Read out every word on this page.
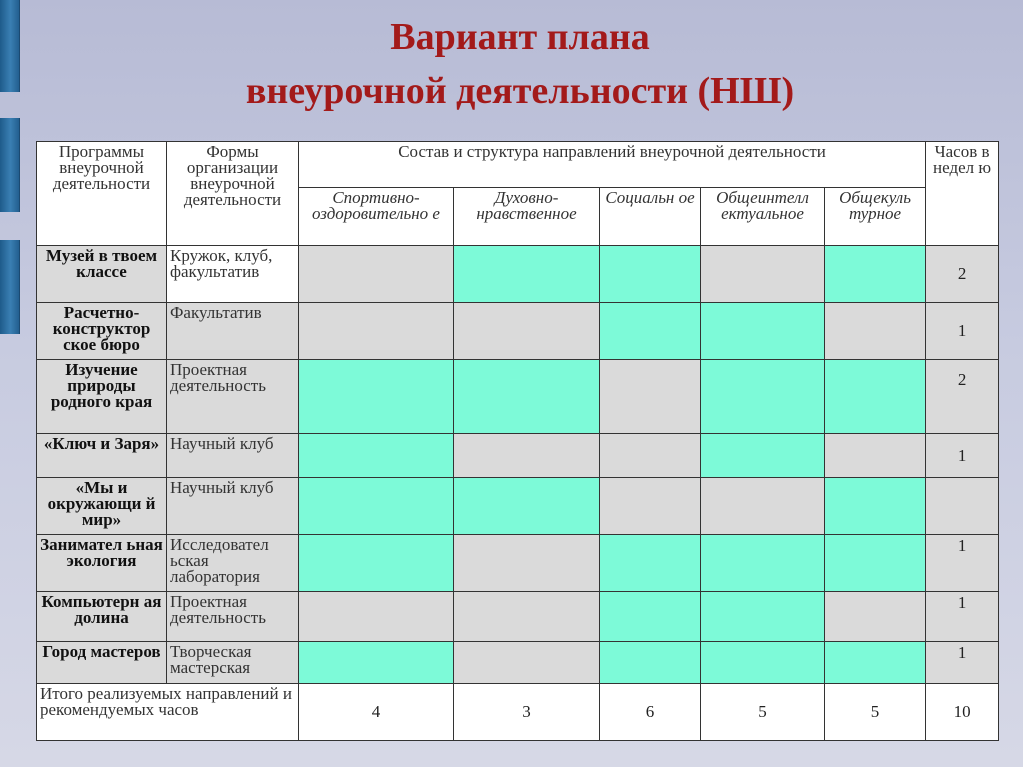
Вариант плана
внеурочной деятельности (НШ)
Программы внеурочной деятельности	Формы организации внеурочной деятельности	Состав и структура направлений внеурочной деятельности					Часов в недел ю
		Спортивно-оздоровительно е	Духовно-нравственное	Социальн ое	Общеинтелл ектуальное	Общекуль турное	
Музей в твоем классе	Кружок, клуб, факультатив						2
Расчетно-конструктор ское бюро	Факультатив						1
Изучение природы родного края	Проектная деятельность						2
«Ключ и Заря»	Научный клуб						1
«Мы и окружающи й мир»	Научный клуб						
Занимател ьная экология	Исследовател ьская лаборатория						1
Компьютерн ая долина	Проектная деятельность						1
Город мастеров	Творческая мастерская						1
Итого реализуемых направлений и рекомендуемых часов		4	3	6	5	5	10
